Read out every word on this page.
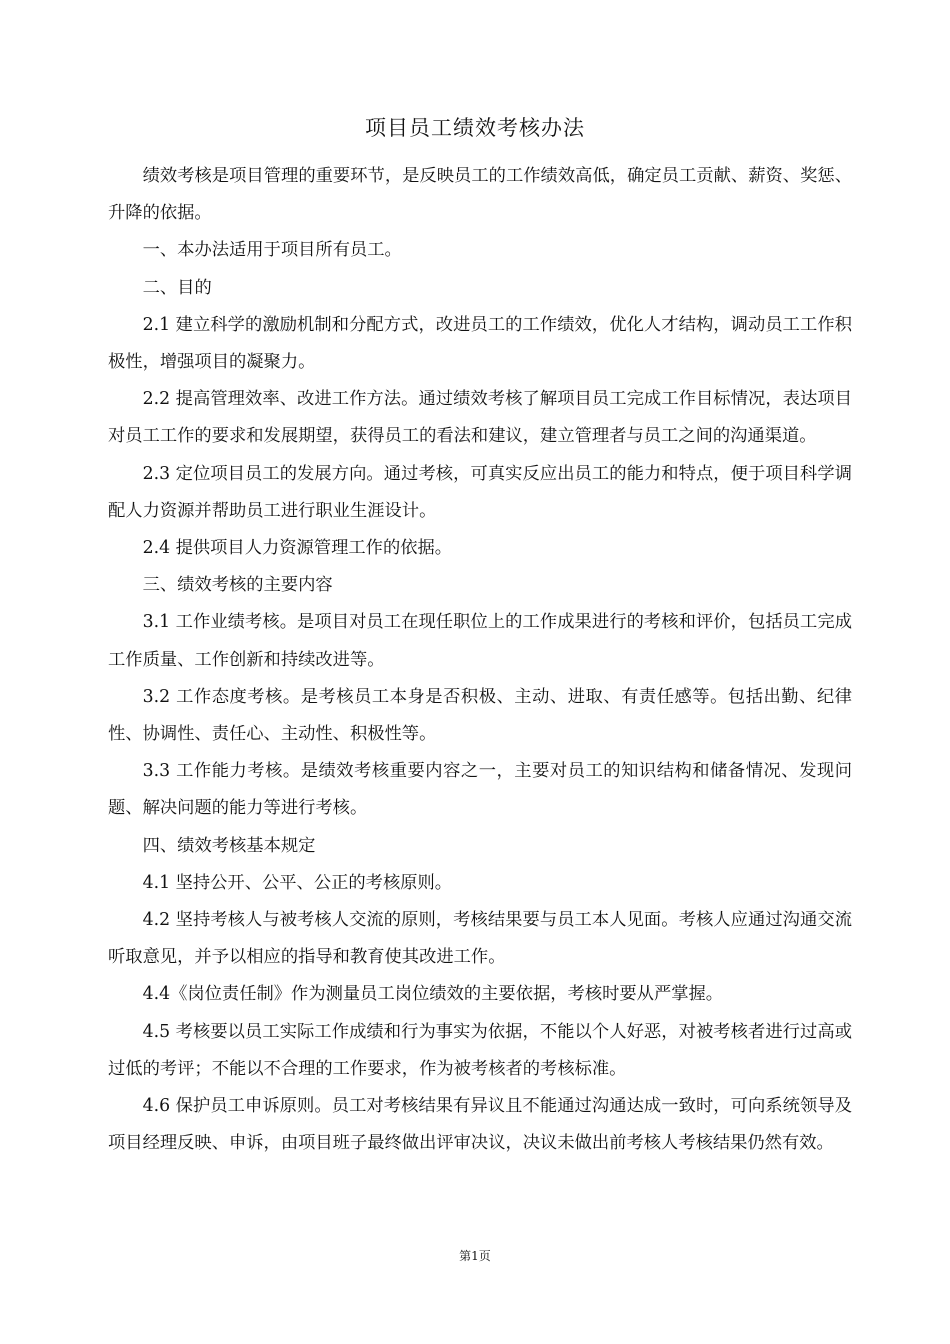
项目员工绩效考核办法

绩效考核是项目管理的重要环节，是反映员工的工作绩效高低，确定员工贡献、薪资、奖惩、升降的依据。

一、本办法适用于项目所有员工。

二、目的

2.1 建立科学的激励机制和分配方式，改进员工的工作绩效，优化人才结构，调动员工工作积极性，增强项目的凝聚力。

2.2 提高管理效率、改进工作方法。通过绩效考核了解项目员工完成工作目标情况，表达项目对员工工作的要求和发展期望，获得员工的看法和建议，建立管理者与员工之间的沟通渠道。

2.3 定位项目员工的发展方向。通过考核，可真实反应出员工的能力和特点，便于项目科学调配人力资源并帮助员工进行职业生涯设计。

2.4 提供项目人力资源管理工作的依据。

三、绩效考核的主要内容

3.1 工作业绩考核。是项目对员工在现任职位上的工作成果进行的考核和评价，包括员工完成工作质量、工作创新和持续改进等。

3.2 工作态度考核。是考核员工本身是否积极、主动、进取、有责任感等。包括出勤、纪律性、协调性、责任心、主动性、积极性等。

3.3 工作能力考核。是绩效考核重要内容之一，主要对员工的知识结构和储备情况、发现问题、解决问题的能力等进行考核。

四、绩效考核基本规定

4.1 坚持公开、公平、公正的考核原则。

4.2 坚持考核人与被考核人交流的原则，考核结果要与员工本人见面。考核人应通过沟通交流听取意见，并予以相应的指导和教育使其改进工作。

4.4《岗位责任制》作为测量员工岗位绩效的主要依据，考核时要从严掌握。

4.5 考核要以员工实际工作成绩和行为事实为依据，不能以个人好恶，对被考核者进行过高或过低的考评；不能以不合理的工作要求，作为被考核者的考核标准。

4.6 保护员工申诉原则。员工对考核结果有异议且不能通过沟通达成一致时，可向系统领导及项目经理反映、申诉，由项目班子最终做出评审决议，决议未做出前考核人考核结果仍然有效。

第1页
